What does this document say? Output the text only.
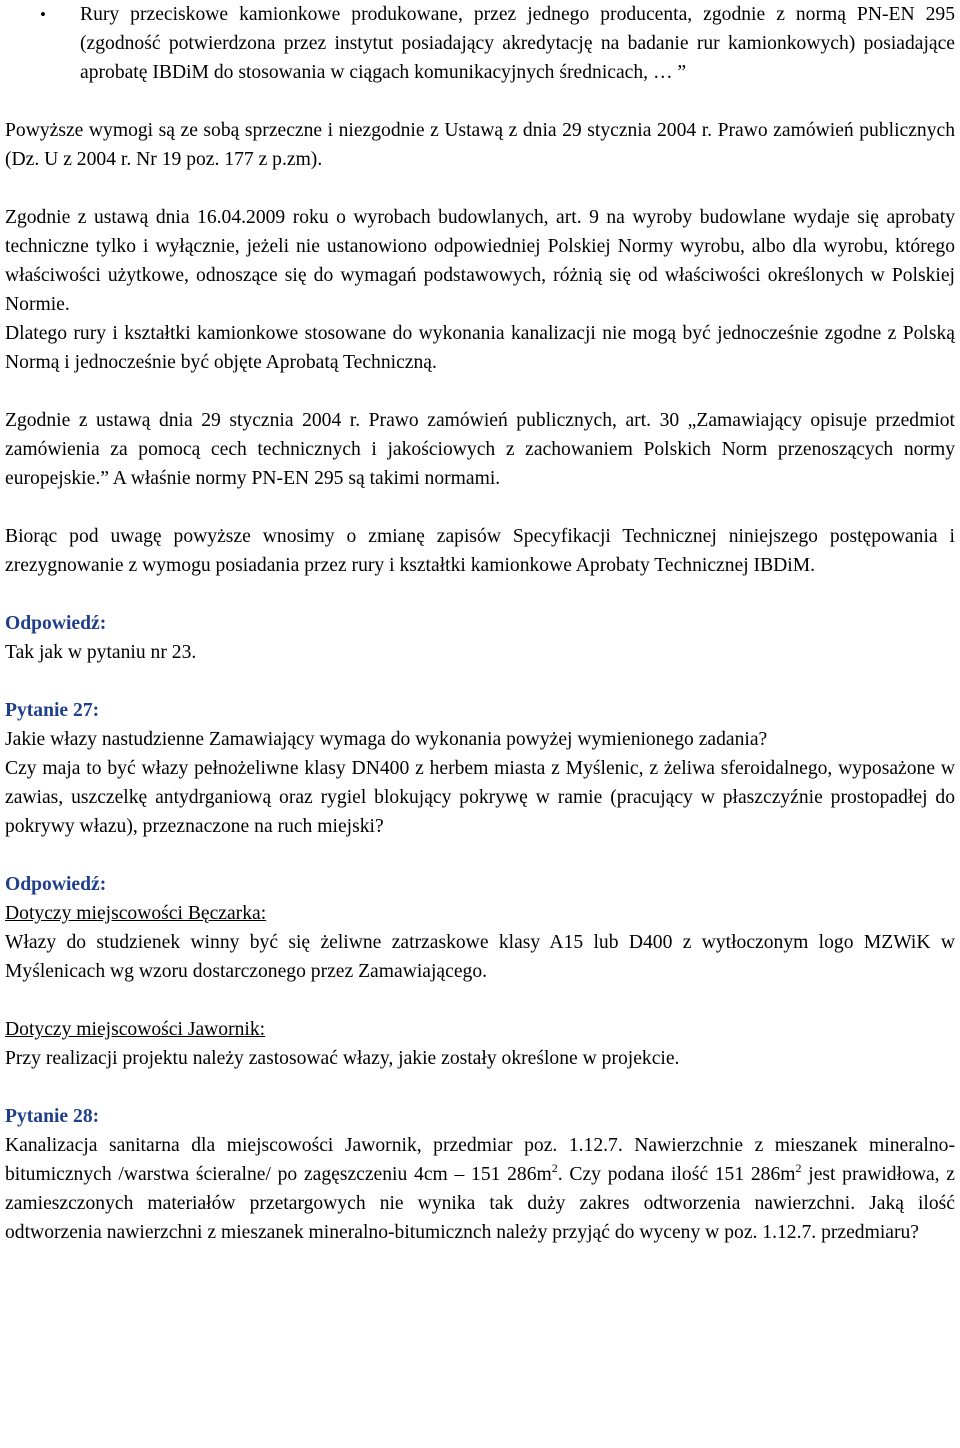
• Rury przeciskowe kamionkowe produkowane, przez jednego producenta, zgodnie z normą PN-EN 295 (zgodność potwierdzona przez instytut posiadający akredytację na badanie rur kamionkowych) posiadające aprobatę IBDiM do stosowania w ciągach komunikacyjnych średnicach, … ”

Powyższe wymogi są ze sobą sprzeczne i niezgodnie z Ustawą z dnia 29 stycznia 2004 r. Prawo zamówień publicznych (Dz. U z 2004 r. Nr 19 poz. 177 z p.zm).

Zgodnie z ustawą dnia 16.04.2009 roku o wyrobach budowlanych, art. 9 na wyroby budowlane wydaje się aprobaty techniczne tylko i wyłącznie, jeżeli nie ustanowiono odpowiedniej Polskiej Normy wyrobu, albo dla wyrobu, którego właściwości użytkowe, odnoszące się do wymagań podstawowych, różnią się od właściwości określonych w Polskiej Normie.

Dlatego rury i kształtki kamionkowe stosowane do wykonania kanalizacji nie mogą być jednocześnie zgodne z Polską Normą i jednocześnie być objęte Aprobatą Techniczną.

Zgodnie z ustawą dnia 29 stycznia 2004 r. Prawo zamówień publicznych, art. 30 „Zamawiający opisuje przedmiot zamówienia za pomocą cech technicznych i jakościowych z zachowaniem Polskich Norm przenoszących normy europejskie.” A właśnie normy PN-EN 295 są takimi normami.

Biorąc pod uwagę powyższe wnosimy o zmianę zapisów Specyfikacji Technicznej niniejszego postępowania i zrezygnowanie z wymogu posiadania przez rury i kształtki kamionkowe Aprobaty Technicznej IBDiM.

Odpowiedź:

Tak jak w pytaniu nr 23.

Pytanie 27:

Jakie włazy nastudzienne Zamawiający wymaga do wykonania powyżej wymienionego zadania?

Czy maja to być włazy pełnożeliwne klasy DN400 z herbem miasta z Myślenic, z żeliwa sferoidalnego, wyposażone w zawias, uszczelkę antydrganiową oraz rygiel blokujący pokrywę w ramie (pracujący w płaszczyźnie prostopadłej do pokrywy włazu), przeznaczone na ruch miejski?

Odpowiedź:

Dotyczy miejscowości Bęczarka:

Włazy do studzienek winny być się żeliwne zatrzaskowe klasy A15 lub D400 z wytłoczonym logo MZWiK w Myślenicach wg wzoru dostarczonego przez Zamawiającego.

Dotyczy miejscowości Jawornik:

Przy realizacji projektu należy zastosować włazy, jakie zostały określone w projekcie.

Pytanie 28:

Kanalizacja sanitarna dla miejscowości Jawornik, przedmiar poz. 1.12.7. Nawierzchnie z mieszanek mineralno-bitumicznych /warstwa ścieralne/ po zagęszczeniu 4cm – 151 $286m^2$. Czy podana ilość 151 $286m^2$ jest prawidłowa, z zamieszczonych materiałów przetargowych nie wynika tak duży zakres odtworzenia nawierzchni. Jaką ilość odtworzenia nawierzchni z mieszanek mineralno-bitumicznch należy przyjąć do wyceny w poz. 1.12.7. przedmiaru?
